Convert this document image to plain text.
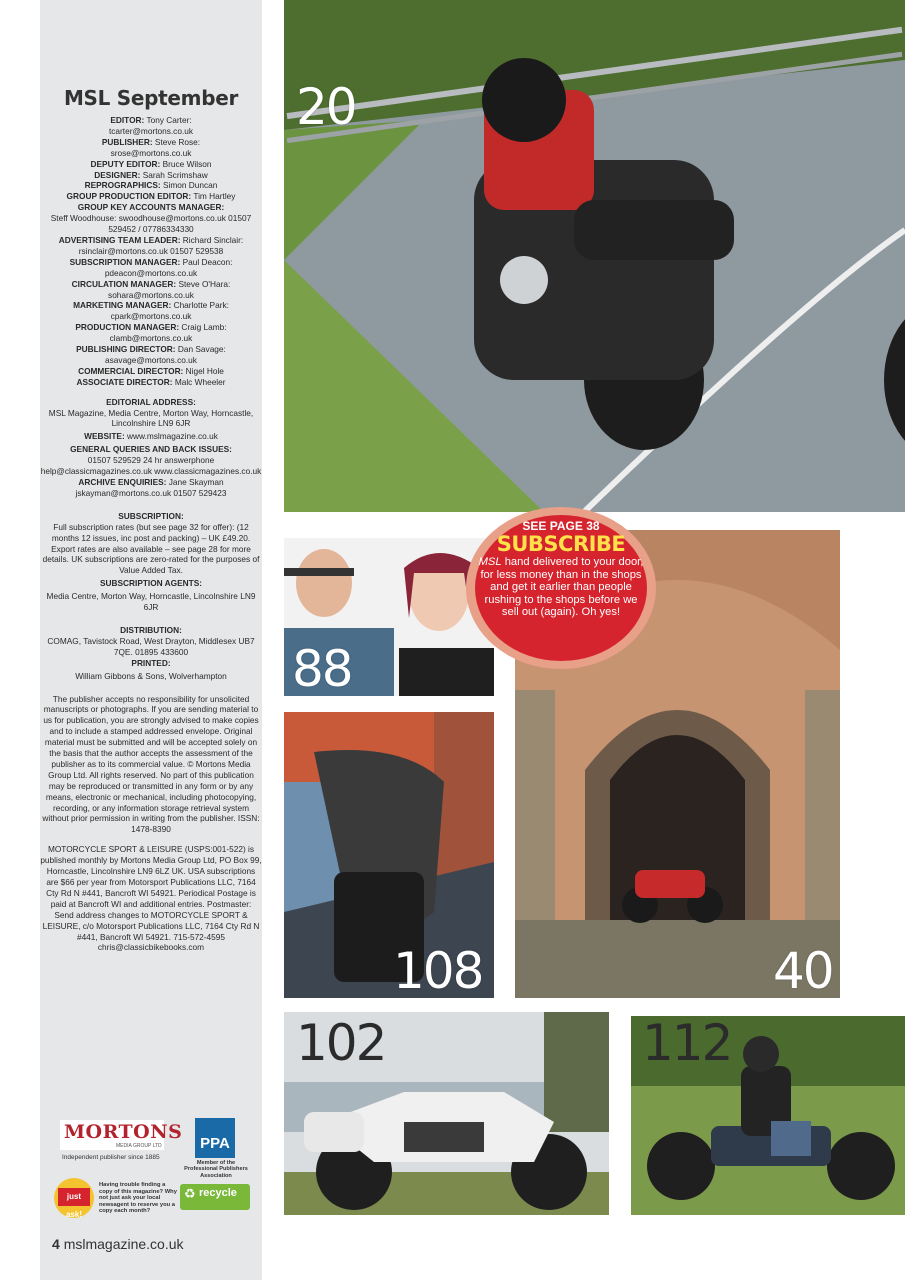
MSL September

EDITOR: Tony Carter:
tcarter@mortons.co.uk

PUBLISHER: Steve Rose:
srose@mortons.co.uk

DEPUTY EDITOR: Bruce Wilson

DESIGNER: Sarah Scrimshaw

REPROGRAPHICS: Simon Duncan

GROUP PRODUCTION EDITOR: Tim Hartley

GROUP KEY ACCOUNTS MANAGER:
Steff Woodhouse: swoodhouse@mortons.co.uk 01507 529452 / 07786334330

ADVERTISING TEAM LEADER: Richard Sinclair:
rsinclair@mortons.co.uk 01507 529538

SUBSCRIPTION MANAGER: Paul Deacon:
pdeacon@mortons.co.uk

CIRCULATION MANAGER: Steve O'Hara:
sohara@mortons.co.uk

MARKETING MANAGER: Charlotte Park:
cpark@mortons.co.uk

PRODUCTION MANAGER: Craig Lamb:
clamb@mortons.co.uk

PUBLISHING DIRECTOR: Dan Savage:
asavage@mortons.co.uk

COMMERCIAL DIRECTOR: Nigel Hole

ASSOCIATE DIRECTOR: Malc Wheeler

EDITORIAL ADDRESS:

MSL Magazine, Media Centre, Morton Way, Horncastle, Lincolnshire LN9 6JR

WEBSITE: www.mslmagazine.co.uk

GENERAL QUERIES AND BACK ISSUES:

01507 529529 24 hr answerphone help@classicmagazines.co.uk www.classicmagazines.co.uk

ARCHIVE ENQUIRIES: Jane Skayman jskayman@mortons.co.uk 01507 529423

SUBSCRIPTION:

Full subscription rates (but see page 32 for offer): (12 months 12 issues, inc post and packing) – UK £49.20. Export rates are also available – see page 28 for more details. UK subscriptions are zero-rated for the purposes of Value Added Tax.

SUBSCRIPTION AGENTS:

Media Centre, Morton Way, Horncastle, Lincolnshire LN9 6JR

DISTRIBUTION:

COMAG, Tavistock Road, West Drayton, Middlesex UB7 7QE. 01895 433600

PRINTED:

William Gibbons & Sons, Wolverhampton

The publisher accepts no responsibility for unsolicited manuscripts or photographs. If you are sending material to us for publication, you are strongly advised to make copies and to include a stamped addressed envelope. Original material must be submitted and will be accepted solely on the basis that the author accepts the assessment of the publisher as to its commercial value. © Mortons Media Group Ltd. All rights reserved. No part of this publication may be reproduced or transmitted in any form or by any means, electronic or mechanical, including photocopying, recording, or any information storage retrieval system without prior permission in writing from the publisher. ISSN: 1478-8390

MOTORCYCLE SPORT & LEISURE (USPS:001-522) is published monthly by Mortons Media Group Ltd, PO Box 99, Horncastle, Lincolnshire LN9 6LZ UK. USA subscriptions are $66 per year from Motorsport Publications LLC, 7164 Cty Rd N #441, Bancroft WI 54921. Periodical Postage is paid at Bancroft WI and additional entries. Postmaster: Send address changes to MOTORCYCLE SPORT & LEISURE, c/o Motorsport Publications LLC, 7164 Cty Rd N #441, Bancroft WI 54921. 715-572-4595 chris@classicbikebooks.com

MORTONS
MEDIA GROUP LTD
Independent publisher since 1885
PPA
Member of the Professional Publishers Association
just ask!
Having trouble finding a copy of this magazine? Why not just ask your local newsagent to reserve you a copy each month?
♻ recycle
4 mslmagazine.co.uk
20
88
108	40
102	112
SEE PAGE 38
SUBSCRIBE
MSL hand delivered to your door, for less money than in the shops and get it earlier than people rushing to the shops before we sell out (again). Oh yes!
